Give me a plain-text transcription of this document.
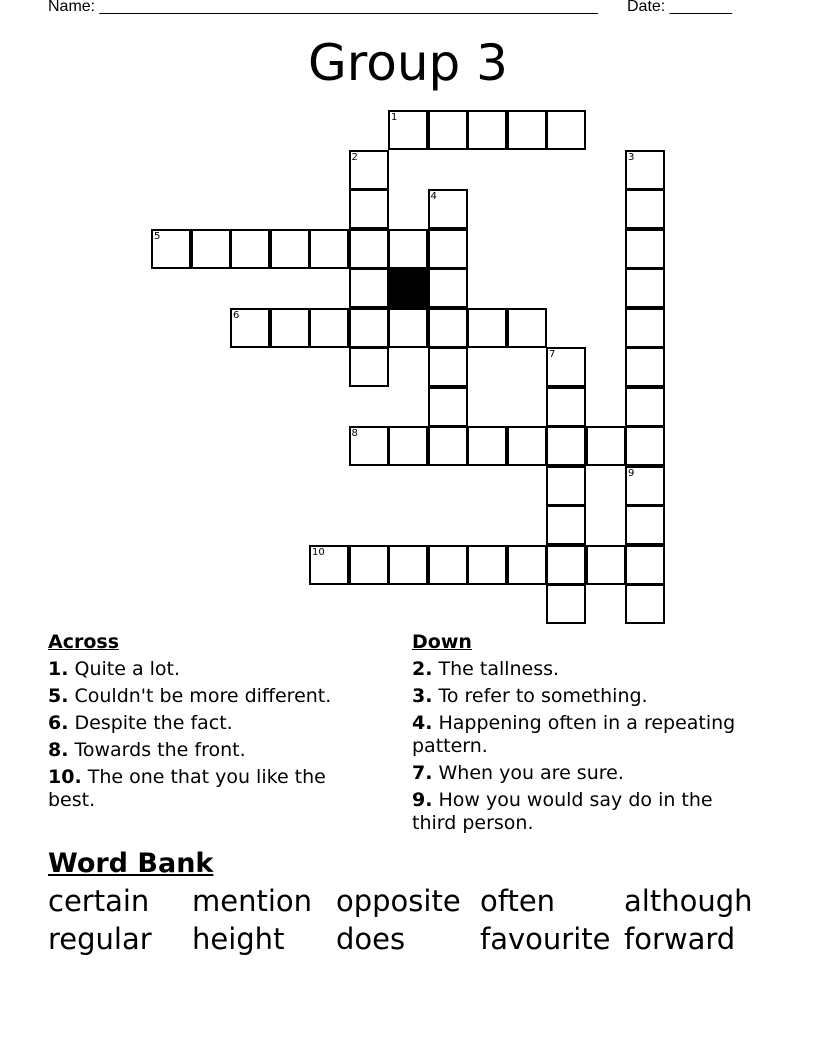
Name: ________________________________________________________ Date: _______
Group 3
1
5
6
8
10
2	3
4
7
9
Across
1. Quite a lot.
5. Couldn't be more different.
6. Despite the fact.
8. Towards the front.
10. The one that you like the best.
Down
2. The tallness.
3. To refer to something.
4. Happening often in a repeating pattern.
7. When you are sure.
9. How you would say do in the third person.
Word Bank
certain	mention opposite often	although
regular	height	does	favourite forward
